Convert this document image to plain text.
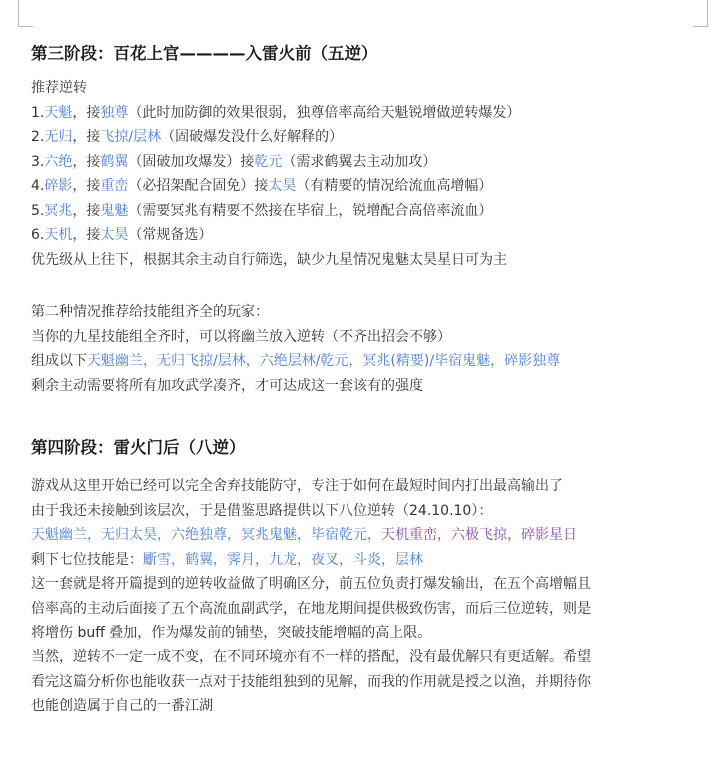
第三阶段：百花上官————入雷火前（五逆）
推荐逆转
1.天魁，接独尊（此时加防御的效果很弱，独尊倍率高给天魁锐增做逆转爆发）
2.无归，接飞掠/层林（固破爆发没什么好解释的）
3.六绝，接鹤翼（固破加攻爆发）接乾元（需求鹤翼去主动加攻）
4.碎影，接重峦（必招架配合固免）接太昊（有精要的情况给流血高增幅）
5.冥兆，接鬼魅（需要冥兆有精要不然接在毕宿上，锐增配合高倍率流血）
6.天机，接太昊（常规备选）
优先级从上往下，根据其余主动自行筛选，缺少九星情况鬼魅太昊星日可为主
第二种情况推荐给技能组齐全的玩家：
当你的九星技能组全齐时，可以将幽兰放入逆转（不齐出招会不够）
组成以下天魁幽兰，无归飞掠/层林，六绝层林/乾元，冥兆(精要)/毕宿鬼魅，碎影独尊
剩余主动需要将所有加攻武学凑齐，才可达成这一套该有的强度
第四阶段：雷火门后（八逆）
游戏从这里开始已经可以完全舍弃技能防守，专注于如何在最短时间内打出最高输出了
由于我还未接触到该层次，于是借鉴思路提供以下八位逆转（24.10.10）：
天魁幽兰，无归太昊，六绝独尊，冥兆鬼魅，毕宿乾元，天机重峦，六极飞掠，碎影星日
剩下七位技能是：斸雪，鹤翼，霁月，九龙，夜叉，斗炎，层林
这一套就是将开篇提到的逆转收益做了明确区分，前五位负责打爆发输出，在五个高增幅且
倍率高的主动后面接了五个高流血副武学，在地龙期间提供极致伤害，而后三位逆转，则是
将增伤 buff 叠加，作为爆发前的铺垫，突破技能增幅的高上限。
当然，逆转不一定一成不变，在不同环境亦有不一样的搭配，没有最优解只有更适解。希望
看完这篇分析你也能收获一点对于技能组独到的见解，而我的作用就是授之以渔，并期待你
也能创造属于自己的一番江湖
